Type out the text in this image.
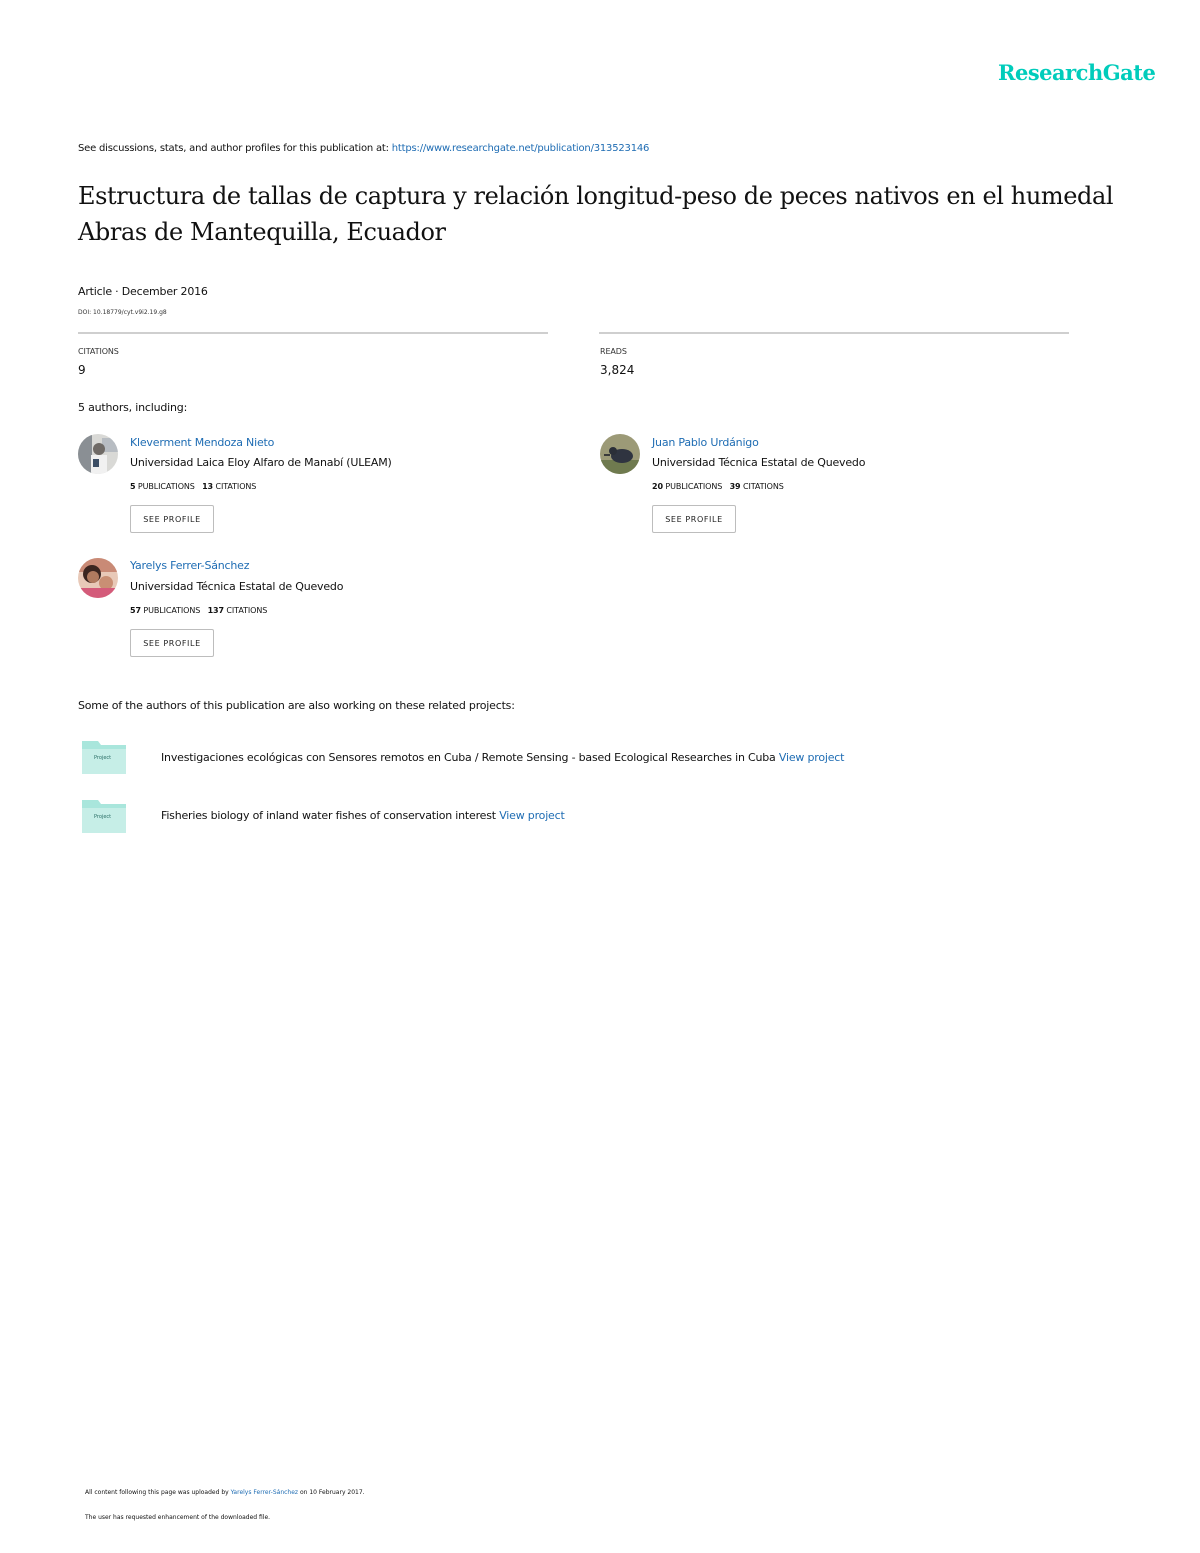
ResearchGate
See discussions, stats, and author profiles for this publication at: https://www.researchgate.net/publication/313523146
Estructura de tallas de captura y relación longitud-peso de peces nativos en el humedal Abras de Mantequilla, Ecuador
Article · December 2016
DOI: 10.18779/cyt.v9i2.19.g8
CITATIONS
9
READS
3,824
5 authors, including:
Kleverment Mendoza Nieto
Universidad Laica Eloy Alfaro de Manabí (ULEAM)
5 PUBLICATIONS 13 CITATIONS
SEE PROFILE
Juan Pablo Urdánigo
Universidad Técnica Estatal de Quevedo
20 PUBLICATIONS 39 CITATIONS
SEE PROFILE
Yarelys Ferrer-Sánchez
Universidad Técnica Estatal de Quevedo
57 PUBLICATIONS 137 CITATIONS
SEE PROFILE
Some of the authors of this publication are also working on these related projects:
Project	Investigaciones ecológicas con Sensores remotos en Cuba / Remote Sensing - based Ecological Researches in Cuba View project
Project	Fisheries biology of inland water fishes of conservation interest View project
All content following this page was uploaded by Yarelys Ferrer-Sánchez on 10 February 2017.
The user has requested enhancement of the downloaded file.
